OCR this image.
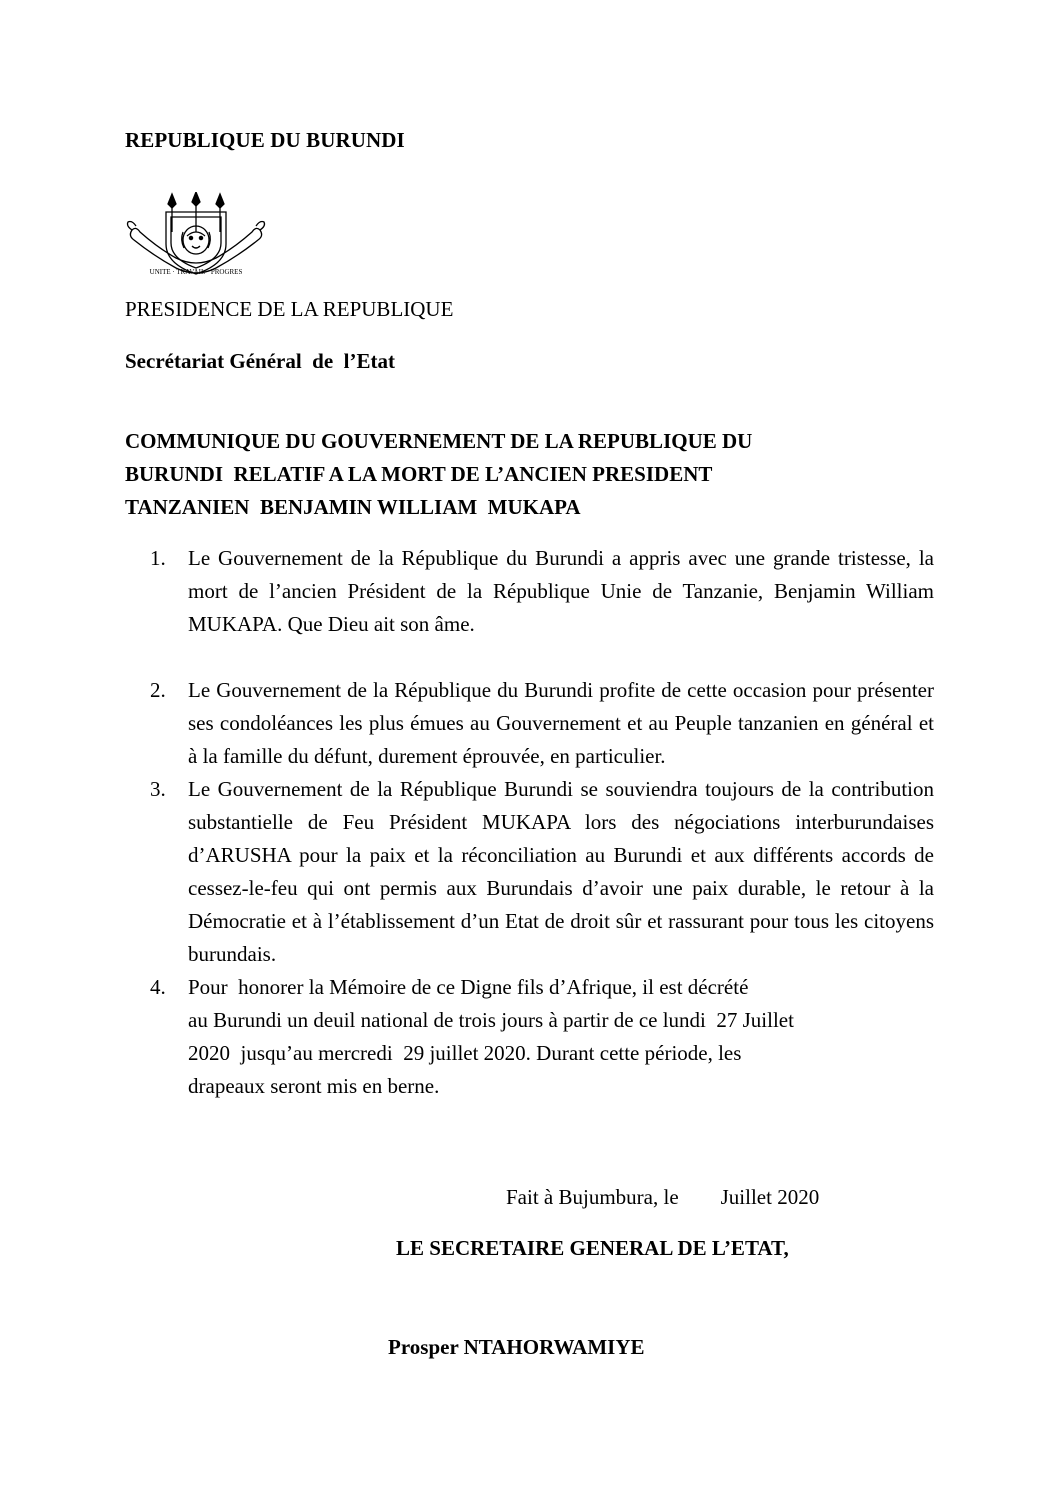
REPUBLIQUE DU BURUNDI
UNITE · TRAVAIL · PROGRES
PRESIDENCE DE LA REPUBLIQUE
Secrétariat Général  de  l’Etat
COMMUNIQUE DU GOUVERNEMENT DE LA REPUBLIQUE DU
BURUNDI  RELATIF A LA MORT DE L’ANCIEN PRESIDENT
TANZANIEN  BENJAMIN WILLIAM  MUKAPA
1. Le Gouvernement de la République du Burundi a appris avec une grande tristesse, la mort de l’ancien Président de la République Unie de Tanzanie, Benjamin William MUKAPA. Que Dieu ait son âme.
2. Le Gouvernement de la République du Burundi profite de cette occasion pour présenter ses condoléances les plus émues au Gouvernement et au Peuple tanzanien en général et à la famille du défunt, durement éprouvée, en particulier.
3. Le Gouvernement de la République Burundi se souviendra toujours de la contribution substantielle de Feu Président MUKAPA lors des négociations interburundaises d’ARUSHA pour la paix et la réconciliation au Burundi et aux différents accords de cessez-le-feu qui ont permis aux Burundais d’avoir une paix durable, le retour à la Démocratie et à l’établissement d’un Etat de droit sûr et rassurant pour tous les citoyens burundais.
4. Pour  honorer la Mémoire de ce Digne fils d’Afrique, il est décrété
au Burundi un deuil national de trois jours à partir de ce lundi  27 Juillet
2020  jusqu’au mercredi  29 juillet 2020. Durant cette période, les
drapeaux seront mis en berne.
Fait à Bujumbura, le        Juillet 2020
LE SECRETAIRE GENERAL DE L’ETAT,
Prosper NTAHORWAMIYE
